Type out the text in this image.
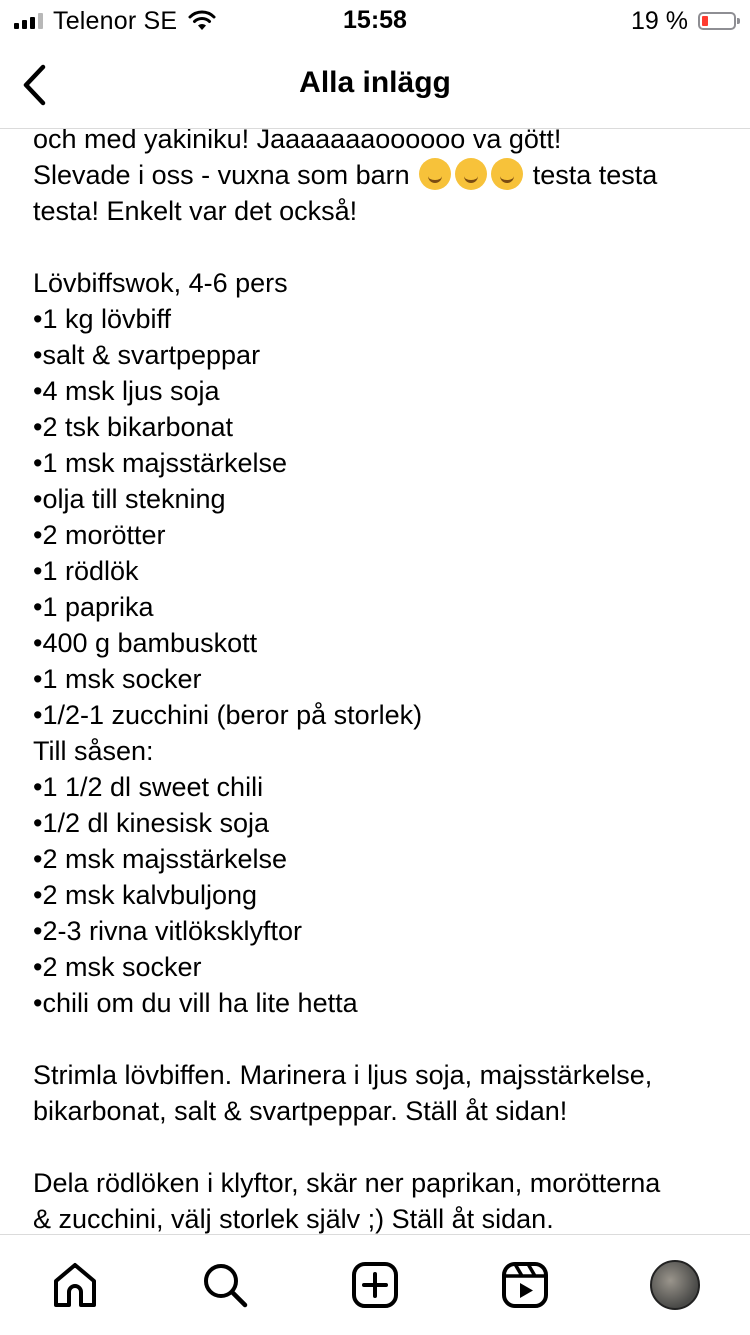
Telenor SE	15:58	19 %
Alla inlägg
och med yakiniku! Jaaaaaaaoooooo va gött!
Slevade i oss - vuxna som barn	testa testa
testa! Enkelt var det också!
Lövbiffswok, 4-6 pers
•1 kg lövbiff
•salt & svartpeppar
•4 msk ljus soja
•2 tsk bikarbonat
•1 msk majsstärkelse
•olja till stekning
•2 morötter
•1 rödlök
•1 paprika
•400 g bambuskott
•1 msk socker
•1/2-1 zucchini (beror på storlek)
Till såsen:
•1 1/2 dl sweet chili
•1/2 dl kinesisk soja
•2 msk majsstärkelse
•2 msk kalvbuljong
•2-3 rivna vitlöksklyftor
•2 msk socker
•chili om du vill ha lite hetta
Strimla lövbiffen. Marinera i ljus soja, majsstärkelse,
bikarbonat, salt & svartpeppar. Ställ åt sidan!
Dela rödlöken i klyftor, skär ner paprikan, morötterna
& zucchini, välj storlek själv ;) Ställ åt sidan.
